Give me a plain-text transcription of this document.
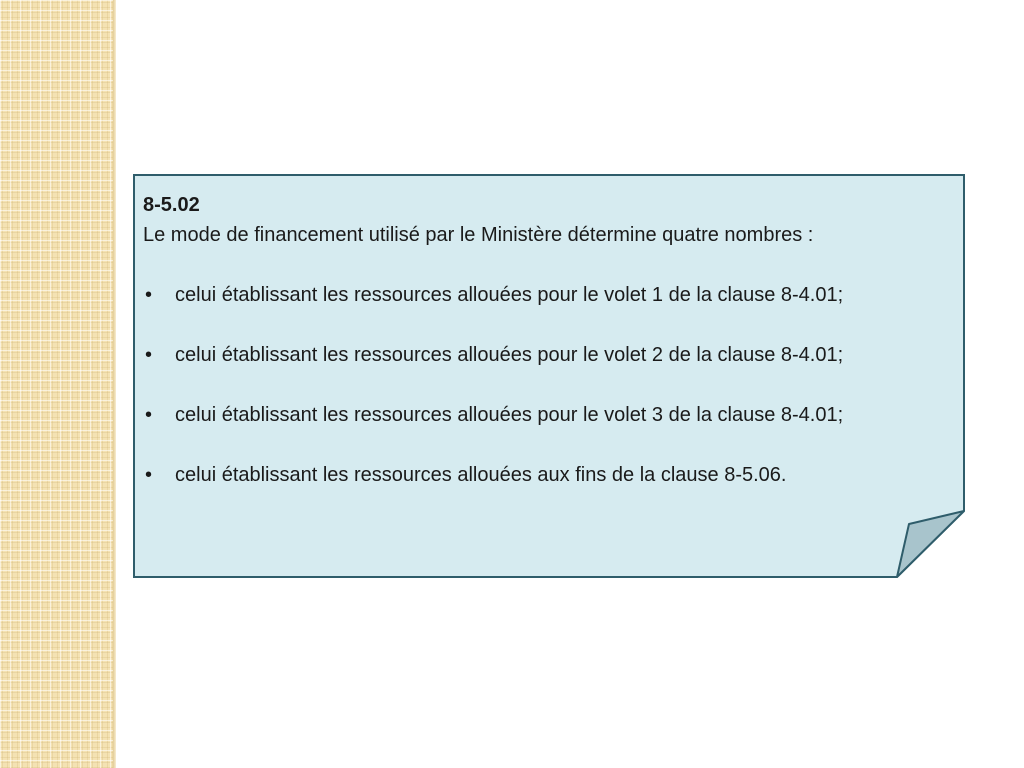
8-5.02

Le mode de financement utilisé par le Ministère détermine quatre nombres :

• celui établissant les ressources allouées pour le volet 1 de la clause 8-4.01;
• celui établissant les ressources allouées pour le volet 2 de la clause 8-4.01;
• celui établissant les ressources allouées pour le volet 3 de la clause 8-4.01;
• celui établissant les ressources allouées aux fins de la clause 8-5.06.
